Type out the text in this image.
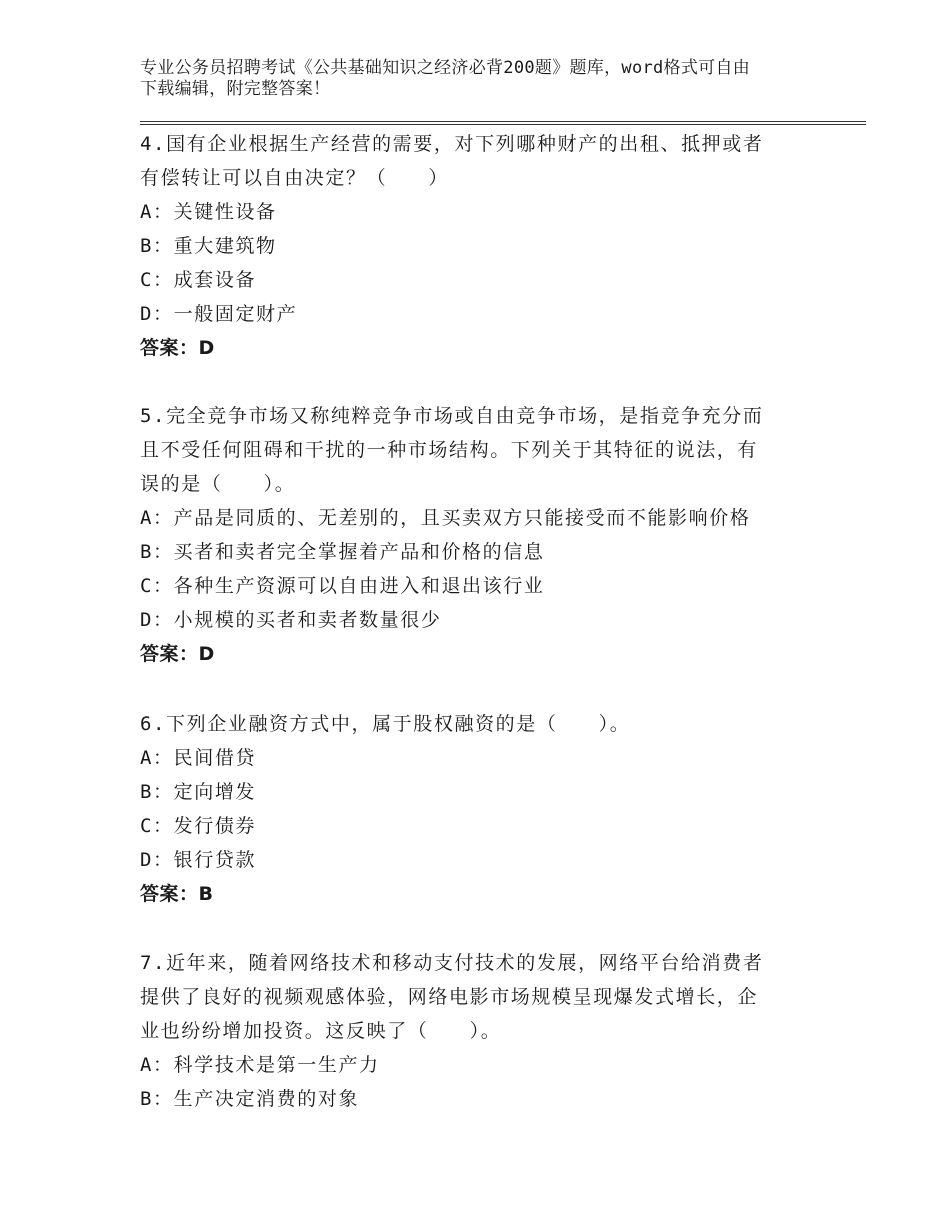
专业公务员招聘考试《公共基础知识之经济必背200题》题库，word格式可自由
下载编辑，附完整答案！
4.国有企业根据生产经营的需要，对下列哪种财产的出租、抵押或者
有偿转让可以自由决定？（　　）
A：关键性设备
B：重大建筑物
C：成套设备
D：一般固定财产
答案：D
5.完全竞争市场又称纯粹竞争市场或自由竞争市场，是指竞争充分而
且不受任何阻碍和干扰的一种市场结构。下列关于其特征的说法，有
误的是（　　）。
A：产品是同质的、无差别的，且买卖双方只能接受而不能影响价格
B：买者和卖者完全掌握着产品和价格的信息
C：各种生产资源可以自由进入和退出该行业
D：小规模的买者和卖者数量很少
答案：D
6.下列企业融资方式中，属于股权融资的是（　　）。
A：民间借贷
B：定向增发
C：发行债券
D：银行贷款
答案：B
7.近年来，随着网络技术和移动支付技术的发展，网络平台给消费者
提供了良好的视频观感体验，网络电影市场规模呈现爆发式增长，企
业也纷纷增加投资。这反映了（　　）。
A：科学技术是第一生产力
B：生产决定消费的对象
